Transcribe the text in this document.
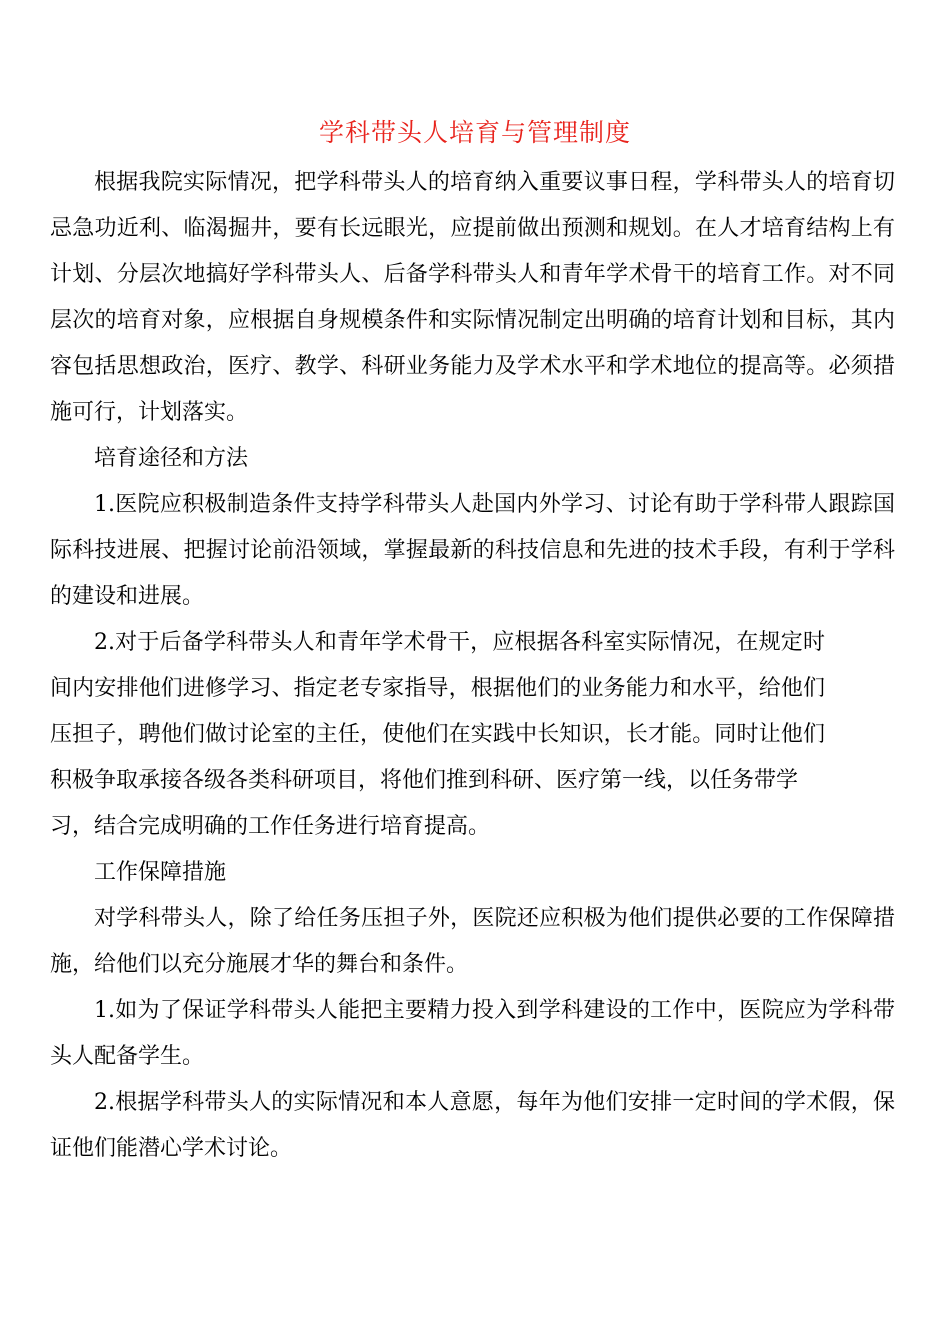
学科带头人培育与管理制度

根据我院实际情况，把学科带头人的培育纳入重要议事日程，学科带头人的培育切忌急功近利、临渴掘井，要有长远眼光，应提前做出预测和规划。在人才培育结构上有计划、分层次地搞好学科带头人、后备学科带头人和青年学术骨干的培育工作。对不同层次的培育对象，应根据自身规模条件和实际情况制定出明确的培育计划和目标，其内容包括思想政治，医疗、教学、科研业务能力及学术水平和学术地位的提高等。必须措施可行，计划落实。

培育途径和方法

1.医院应积极制造条件支持学科带头人赴国内外学习、讨论有助于学科带人跟踪国际科技进展、把握讨论前沿领域，掌握最新的科技信息和先进的技术手段，有利于学科的建设和进展。

2.对于后备学科带头人和青年学术骨干，应根据各科室实际情况，在规定时间内安排他们进修学习、指定老专家指导，根据他们的业务能力和水平，给他们压担子，聘他们做讨论室的主任，使他们在实践中长知识，长才能。同时让他们积极争取承接各级各类科研项目，将他们推到科研、医疗第一线，以任务带学

习，结合完成明确的工作任务进行培育提高。

工作保障措施

对学科带头人，除了给任务压担子外，医院还应积极为他们提供必要的工作保障措施，给他们以充分施展才华的舞台和条件。

1.如为了保证学科带头人能把主要精力投入到学科建设的工作中，医院应为学科带头人配备学生。

2.根据学科带头人的实际情况和本人意愿，每年为他们安排一定时间的学术假，保证他们能潜心学术讨论。
